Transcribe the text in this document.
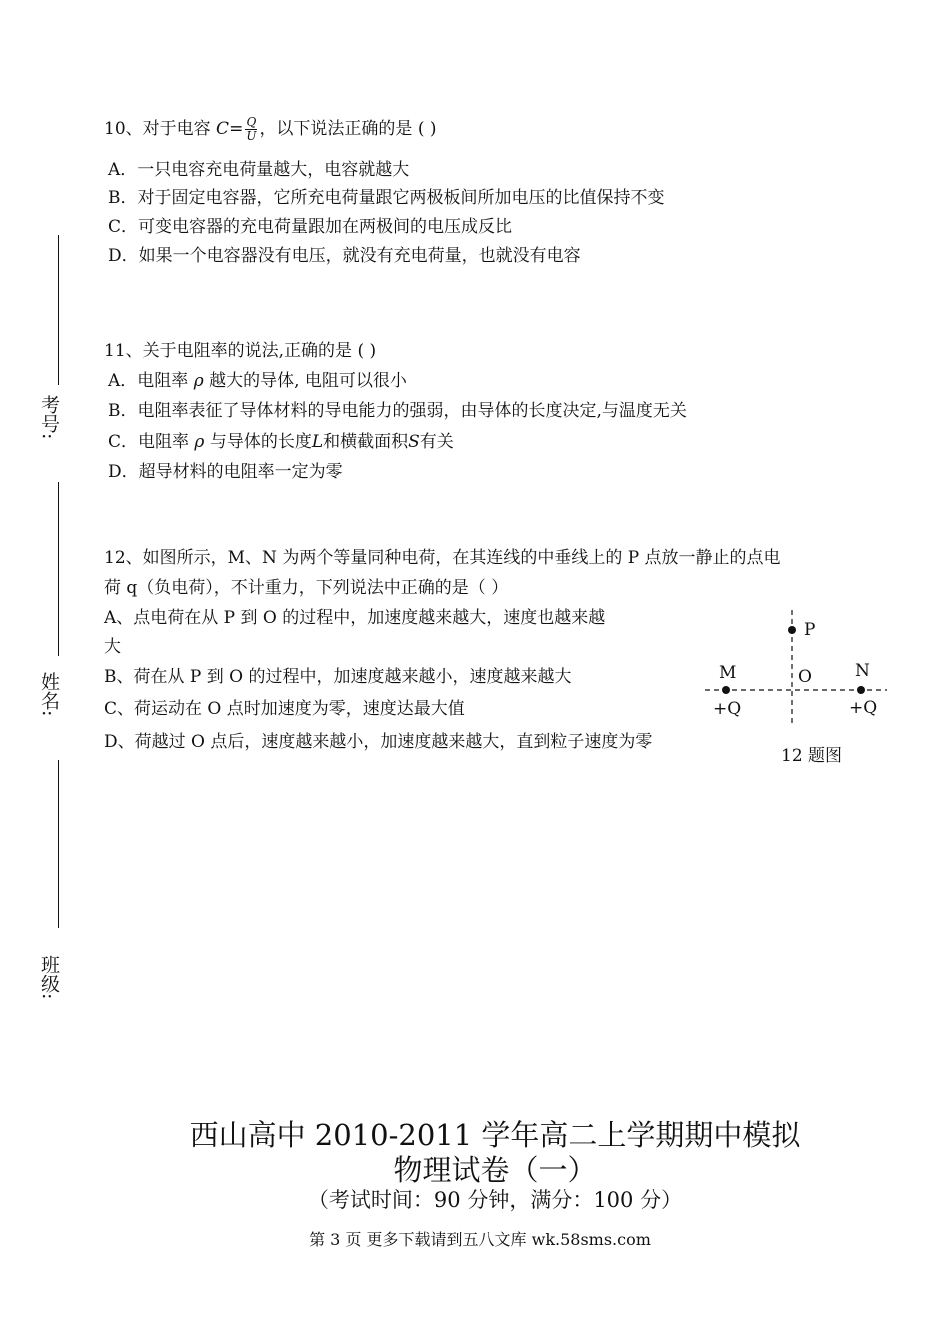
考号:
姓名:
班级:
10、对于电容 $C= \frac{Q}{U}$ ，以下说法正确的是 ( )
A．一只电容充电荷量越大，电容就越大
B．对于固定电容器，它所充电荷量跟它两极板间所加电压的比值保持不变
C．可变电容器的充电荷量跟加在两极间的电压成反比
D．如果一个电容器没有电压，就没有充电荷量，也就没有电容
11、关于电阻率的说法,正确的是 ( )
A．电阻率 ρ 越大的导体, 电阻可以很小
B．电阻率表征了导体材料的导电能力的强弱，由导体的长度决定,与温度无关
C．电阻率 ρ 与导体的长度L和横截面积S有关
D．超导材料的电阻率一定为零
12、如图所示，M、N 为两个等量同种电荷，在其连线的中垂线上的 P 点放一静止的点电
荷 q（负电荷），不计重力，下列说法中正确的是（ ）
A、点电荷在从 P 到 O 的过程中，加速度越来越大，速度也越来越
大
B、荷在从 P 到 O 的过程中，加速度越来越小，速度越来越大
C、荷运动在 O 点时加速度为零，速度达最大值
D、荷越过 O 点后，速度越来越小，加速度越来越大，直到粒子速度为零
P
M	O	N
+Q	+Q
12 题图
西山高中 2010-2011 学年高二上学期期中模拟
物理试卷（一）
（考试时间：90 分钟，满分：100 分）
第 3 页 更多下载请到五八文库 wk.58sms.com
